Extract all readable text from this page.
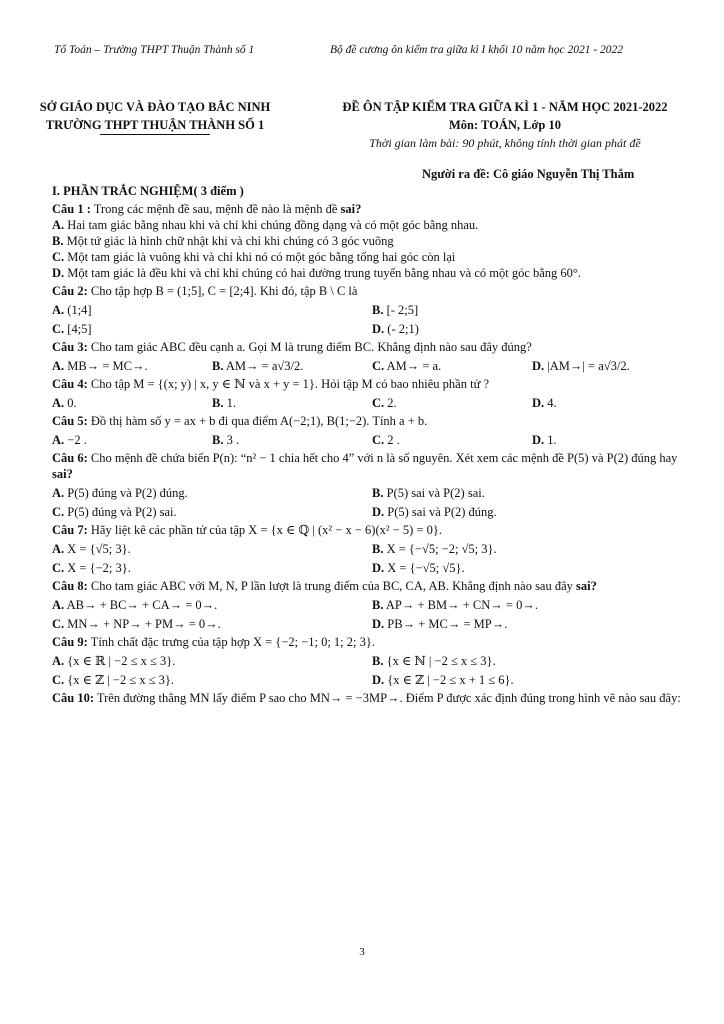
Tổ Toán – Trường THPT Thuận Thành số 1	Bộ đề cương ôn kiểm tra giữa kì I khối 10 năm học 2021 - 2022
SỞ GIÁO DỤC VÀ ĐÀO TẠO BẮC NINH
TRƯỜNG THPT THUẬN THÀNH SỐ 1
ĐỀ ÔN TẬP KIỂM TRA GIỮA KÌ 1 - NĂM HỌC 2021-2022
Môn: TOÁN, Lớp 10
Thời gian làm bài: 90 phút, không tính thời gian phát đề
Người ra đề: Cô giáo Nguyễn Thị Thắm
I. PHẦN TRẮC NGHIỆM( 3 điểm )
Câu 1 : Trong các mệnh đề sau, mệnh đề nào là mệnh đề sai?
A. Hai tam giác bằng nhau khi và chỉ khi chúng đồng dạng và có một góc bằng nhau.
B. Một tứ giác là hình chữ nhật khi và chỉ khi chúng có 3 góc vuông
C. Một tam giác là vuông khi và chỉ khi nó có một góc bằng tổng hai góc còn lại
D. Một tam giác là đều khi và chỉ khi chúng có hai đường trung tuyến bằng nhau và có một góc bằng 60°.
Câu 2: Cho tập hợp B = (1;5], C = [2;4]. Khi đó, tập B \ C là
A. (1;4]	B. [- 2;5]
C. [4;5]	D. (- 2;1)
Câu 3: Cho tam giác ABC đều cạnh a. Gọi M là trung điểm BC. Khẳng định nào sau đây đúng?
A. MB→ = MC→.	B. AM→ = a√3/2.	C. AM→ = a.	D. |AM→| = a√3/2.
Câu 4: Cho tập M = {(x; y) | x, y ∈ ℕ và x + y = 1}. Hỏi tập M có bao nhiêu phần tử ?
A. 0.	B. 1.	C. 2.	D. 4.
Câu 5: Đồ thị hàm số y = ax + b đi qua điểm A(−2;1), B(1;−2). Tính a + b.
A. −2 .	B. 3 .	C. 2 .	D. 1.
Câu 6: Cho mệnh đề chứa biến P(n): “n² − 1 chia hết cho 4” với n là số nguyên. Xét xem các mệnh đề P(5) và P(2) đúng hay sai?
A. P(5) đúng và P(2) đúng.	B. P(5) sai và P(2) sai.
C. P(5) đúng và P(2) sai.	D. P(5) sai và P(2) đúng.
Câu 7: Hãy liệt kê các phần tử của tập X = {x ∈ ℚ | (x² − x − 6)(x² − 5) = 0}.
A. X = {√5; 3}.	B. X = {−√5; −2; √5; 3}.
C. X = {−2; 3}.	D. X = {−√5; √5}.
Câu 8: Cho tam giác ABC với M, N, P lần lượt là trung điểm của BC, CA, AB. Khẳng định nào sau đây sai?
A. AB→ + BC→ + CA→ = 0→.	B. AP→ + BM→ + CN→ = 0→.
C. MN→ + NP→ + PM→ = 0→.	D. PB→ + MC→ = MP→.
Câu 9: Tính chất đặc trưng của tập hợp X = {−2; −1; 0; 1; 2; 3}.
A. {x ∈ ℝ | −2 ≤ x ≤ 3}.	B. {x ∈ ℕ | −2 ≤ x ≤ 3}.
C. {x ∈ ℤ | −2 ≤ x ≤ 3}.	D. {x ∈ ℤ | −2 ≤ x + 1 ≤ 6}.
Câu 10: Trên đường thẳng MN lấy điểm P sao cho MN→ = −3MP→. Điểm P được xác định đúng trong hình vẽ nào sau đây:
3
